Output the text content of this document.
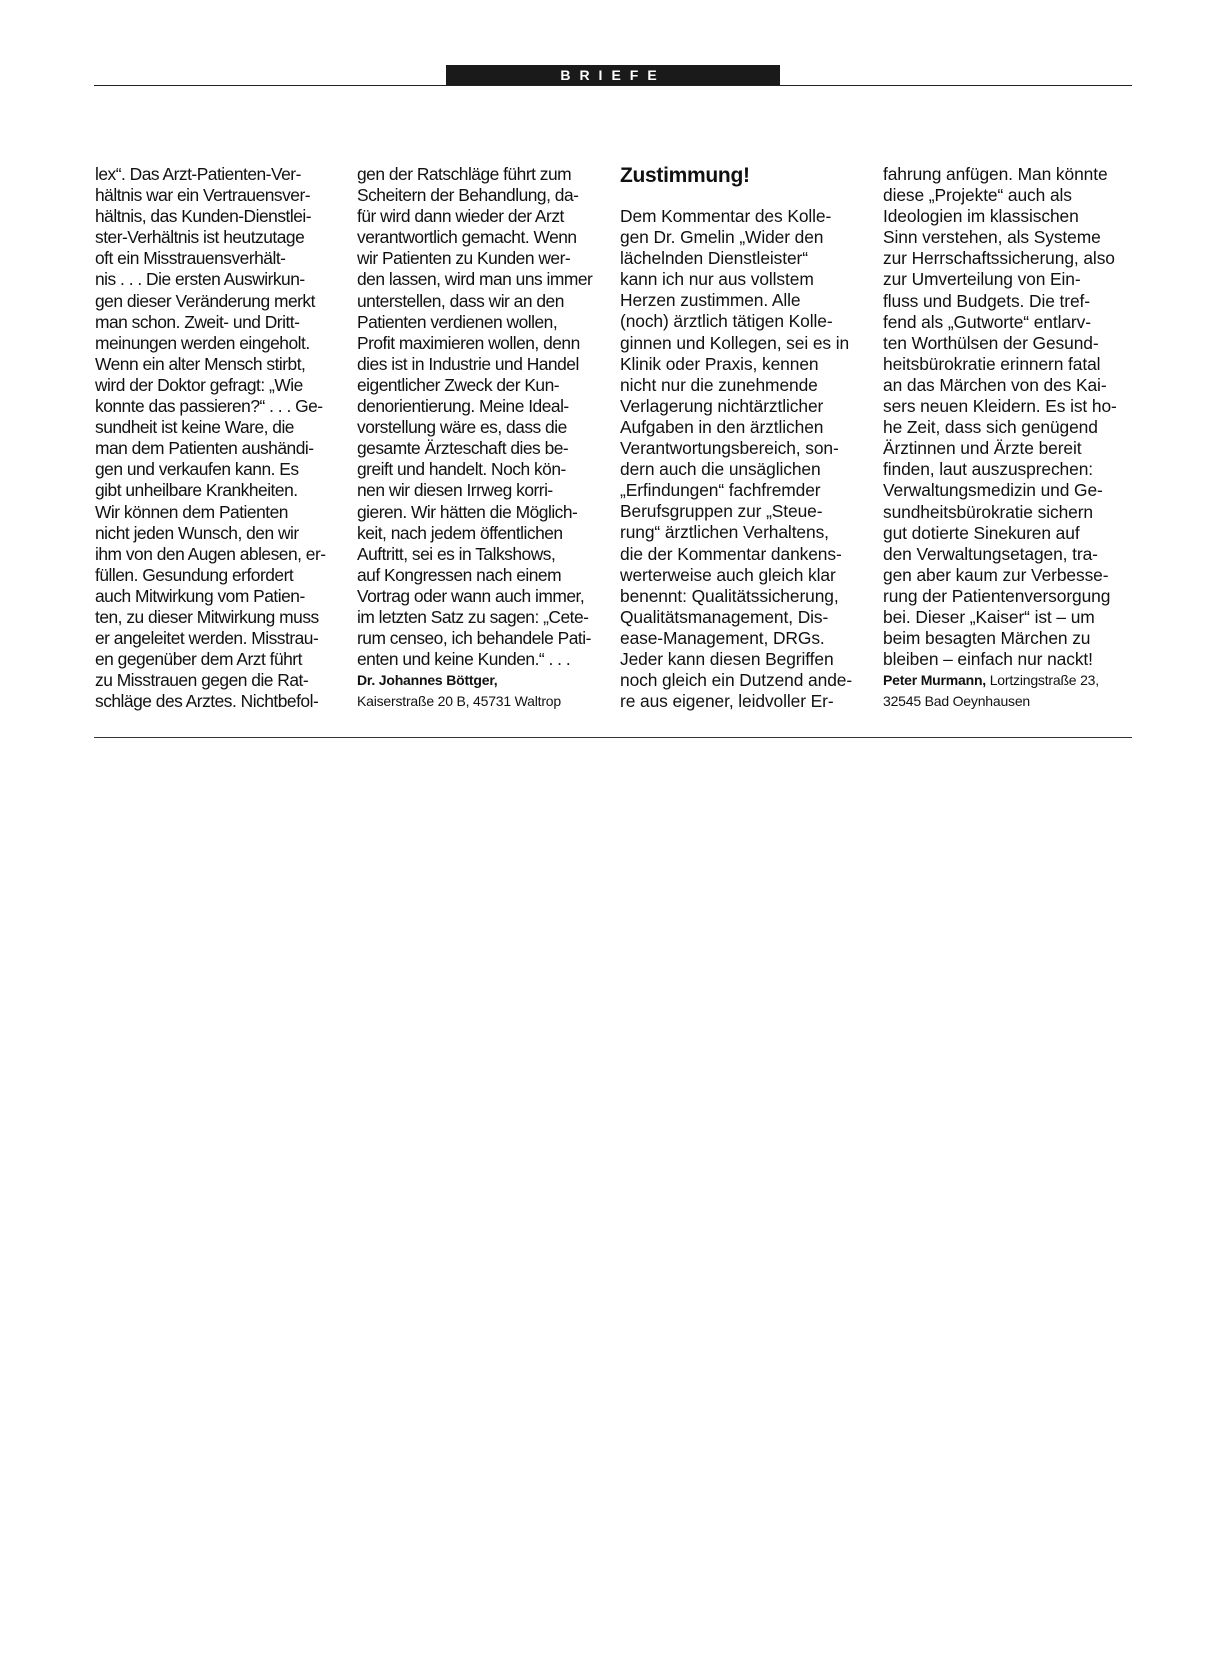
BRIEFE
lex“. Das Arzt-Patienten-Ver-
hältnis war ein Vertrauensver-
hältnis, das Kunden-Dienstlei-
ster-Verhältnis ist heutzutage
oft ein Misstrauensverhält-
nis . . . Die ersten Auswirkun-
gen dieser Veränderung merkt
man schon. Zweit- und Dritt-
meinungen werden eingeholt.
Wenn ein alter Mensch stirbt,
wird der Doktor gefragt: „Wie
konnte das passieren?“ . . . Ge-
sundheit ist keine Ware, die
man dem Patienten aushändi-
gen und verkaufen kann. Es
gibt unheilbare Krankheiten.
Wir können dem Patienten
nicht jeden Wunsch, den wir
ihm von den Augen ablesen, er-
füllen. Gesundung erfordert
auch Mitwirkung vom Patien-
ten, zu dieser Mitwirkung muss
er angeleitet werden. Misstrau-
en gegenüber dem Arzt führt
zu Misstrauen gegen die Rat-
schläge des Arztes. Nichtbefol-
gen der Ratschläge führt zum
Scheitern der Behandlung, da-
für wird dann wieder der Arzt
verantwortlich gemacht. Wenn
wir Patienten zu Kunden wer-
den lassen, wird man uns immer
unterstellen, dass wir an den
Patienten verdienen wollen,
Profit maximieren wollen, denn
dies ist in Industrie und Handel
eigentlicher Zweck der Kun-
denorientierung. Meine Ideal-
vorstellung wäre es, dass die
gesamte Ärzteschaft dies be-
greift und handelt. Noch kön-
nen wir diesen Irrweg korri-
gieren. Wir hätten die Möglich-
keit, nach jedem öffentlichen
Auftritt, sei es in Talkshows,
auf Kongressen nach einem
Vortrag oder wann auch immer,
im letzten Satz zu sagen: „Cete-
rum censeo, ich behandele Pati-
enten und keine Kunden.“ . . .
Dr. Johannes Böttger,
Kaiserstraße 20 B, 45731 Waltrop
Zustimmung!
Dem Kommentar des Kolle-
gen Dr. Gmelin „Wider den
lächelnden Dienstleister“
kann ich nur aus vollstem
Herzen zustimmen. Alle
(noch) ärztlich tätigen Kolle-
ginnen und Kollegen, sei es in
Klinik oder Praxis, kennen
nicht nur die zunehmende
Verlagerung nichtärztlicher
Aufgaben in den ärztlichen
Verantwortungsbereich, son-
dern auch die unsäglichen
„Erfindungen“ fachfremder
Berufsgruppen zur „Steue-
rung“ ärztlichen Verhaltens,
die der Kommentar dankens-
werterweise auch gleich klar
benennt: Qualitätssicherung,
Qualitätsmanagement, Dis-
ease-Management, DRGs.
Jeder kann diesen Begriffen
noch gleich ein Dutzend ande-
re aus eigener, leidvoller Er-
fahrung anfügen. Man könnte
diese „Projekte“ auch als
Ideologien im klassischen
Sinn verstehen, als Systeme
zur Herrschaftssicherung, also
zur Umverteilung von Ein-
fluss und Budgets. Die tref-
fend als „Gutworte“ entlarv-
ten Worthülsen der Gesund-
heitsbürokratie erinnern fatal
an das Märchen von des Kai-
sers neuen Kleidern. Es ist ho-
he Zeit, dass sich genügend
Ärztinnen und Ärzte bereit
finden, laut auszusprechen:
Verwaltungsmedizin und Ge-
sundheitsbürokratie sichern
gut dotierte Sinekuren auf
den Verwaltungsetagen, tra-
gen aber kaum zur Verbesse-
rung der Patientenversorgung
bei. Dieser „Kaiser“ ist – um
beim besagten Märchen zu
bleiben – einfach nur nackt!
Peter Murmann, Lortzingstraße 23,
32545 Bad Oeynhausen
